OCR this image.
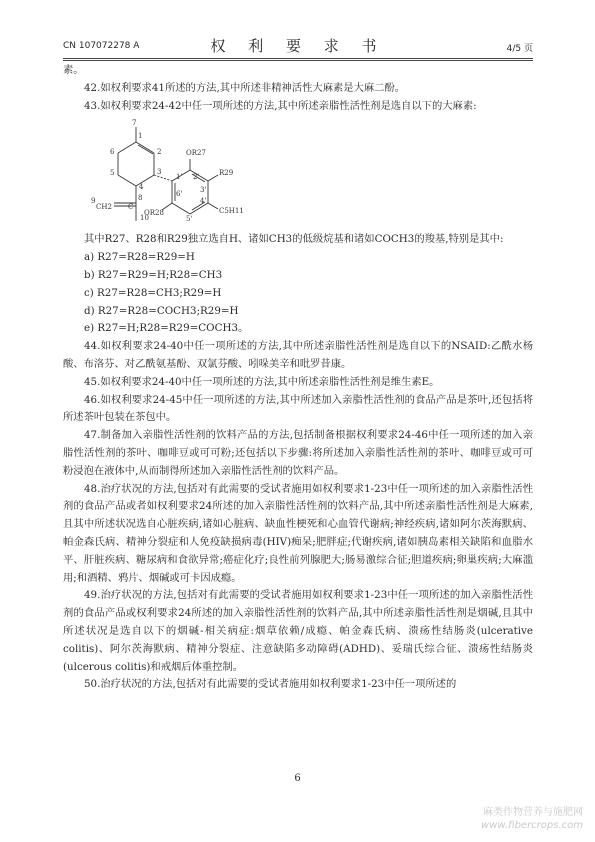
CN 107072278 A	权 利 要 求 书	4/5 页

素。

42.如权利要求41所述的方法,其中所述非精神活性大麻素是大麻二酚。

43.如权利要求24-42中任一项所述的方法,其中所述亲脂性活性剂是选自以下的大麻素:

7
1
2
6
3
5
4
OR27
1' 2'	R29
3'
6'
4'
5'
8
9
CH2 C
10
OR28	C5H11

其中R27、R28和R29独立选自H、诸如CH3的低级烷基和诸如COCH3的羧基,特别是其中:

a) R27=R28=R29=H

b) R27=R29=H;R28=CH3

c) R27=R28=CH3;R29=H

d) R27=R28=COCH3;R29=H

e) R27=H;R28=R29=COCH3。

44.如权利要求24-40中任一项所述的方法,其中所述亲脂性活性剂是选自以下的NSAID:乙酰水杨酸、布洛芬、对乙酰氨基酚、双氯芬酸、吲哚美辛和吡罗昔康。

45.如权利要求24-40中任一项所述的方法,其中所述亲脂性活性剂是维生素E。

46.如权利要求24-45中任一项所述的方法,其中所述加入亲脂性活性剂的食品产品是茶叶,还包括将所述茶叶包装在茶包中。

47.制备加入亲脂性活性剂的饮料产品的方法,包括制备根据权利要求24-46中任一项所述的加入亲脂性活性剂的茶叶、咖啡豆或可可粉;还包括以下步骤:将所述加入亲脂性活性剂的茶叶、咖啡豆或可可粉浸泡在液体中,从而制得所述加入亲脂性活性剂的饮料产品。

48.治疗状况的方法,包括对有此需要的受试者施用如权利要求1-23中任一项所述的加入亲脂性活性剂的食品产品或者如权利要求24所述的加入亲脂性活性剂的饮料产品,其中所述亲脂性活性剂是大麻素,且其中所述状况选自心脏疾病,诸如心脏病、缺血性梗死和心血管代谢病;神经疾病,诸如阿尔茨海默病、帕金森氏病、精神分裂症和人免疫缺损病毒(HIV)痴呆;肥胖症;代谢疾病,诸如胰岛素相关缺陷和血脂水平、肝脏疾病、糖尿病和食欲异常;癌症化疗;良性前列腺肥大;肠易激综合征;胆道疾病;卵巢疾病;大麻滥用;和酒精、鸦片、烟碱或可卡因成瘾。

49.治疗状况的方法,包括对有此需要的受试者施用如权利要求1-23中任一项所述的加入亲脂性活性剂的食品产品或权利要求24所述的加入亲脂性活性剂的饮料产品,其中所述亲脂性活性剂是烟碱,且其中所述状况是选自以下的烟碱-相关病症:烟草依赖/成瘾、帕金森氏病、溃疡性结肠炎(ulcerative colitis)、阿尔茨海默病、精神分裂症、注意缺陷多动障碍(ADHD)、妥瑞氏综合征、溃疡性结肠炎(ulcerous colitis)和戒烟后体重控制。

50.治疗状况的方法,包括对有此需要的受试者施用如权利要求1-23中任一项所述的

6
麻类作物营养与施肥网
www.fibercrops.com
